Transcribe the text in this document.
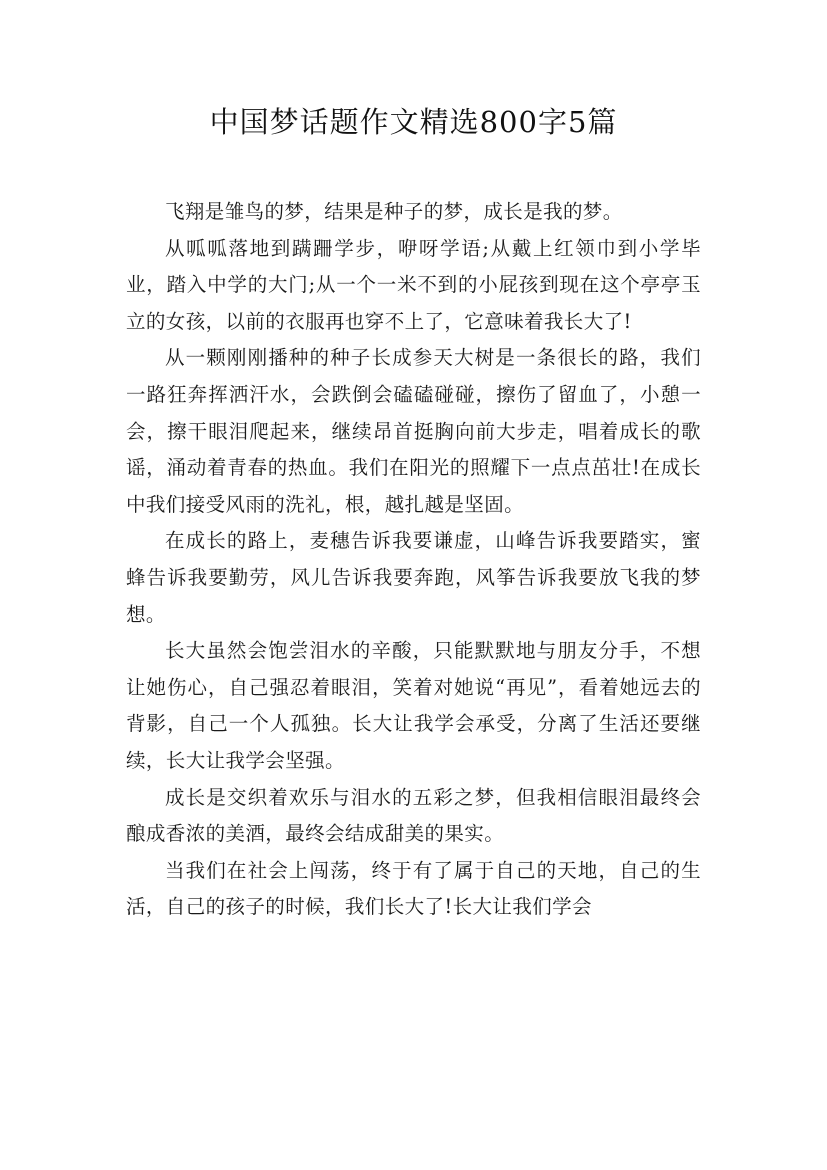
中国梦话题作文精选800字5篇

飞翔是雏鸟的梦，结果是种子的梦，成长是我的梦。

从呱呱落地到蹒跚学步，咿呀学语;从戴上红领巾到小学毕业，踏入中学的大门;从一个一米不到的小屁孩到现在这个亭亭玉立的女孩，以前的衣服再也穿不上了，它意味着我长大了!

从一颗刚刚播种的种子长成参天大树是一条很长的路，我们一路狂奔挥洒汗水，会跌倒会磕磕碰碰，擦伤了留血了，小憩一会，擦干眼泪爬起来，继续昂首挺胸向前大步走，唱着成长的歌谣，涌动着青春的热血。我们在阳光的照耀下一点点茁壮!在成长中我们接受风雨的洗礼，根，越扎越是坚固。

在成长的路上，麦穗告诉我要谦虚，山峰告诉我要踏实，蜜蜂告诉我要勤劳，风儿告诉我要奔跑，风筝告诉我要放飞我的梦想。

长大虽然会饱尝泪水的辛酸，只能默默地与朋友分手，不想让她伤心，自己强忍着眼泪，笑着对她说“再见”，看着她远去的背影，自己一个人孤独。长大让我学会承受，分离了生活还要继续，长大让我学会坚强。

成长是交织着欢乐与泪水的五彩之梦，但我相信眼泪最终会酿成香浓的美酒，最终会结成甜美的果实。

当我们在社会上闯荡，终于有了属于自己的天地，自己的生活，自己的孩子的时候，我们长大了!长大让我们学会
